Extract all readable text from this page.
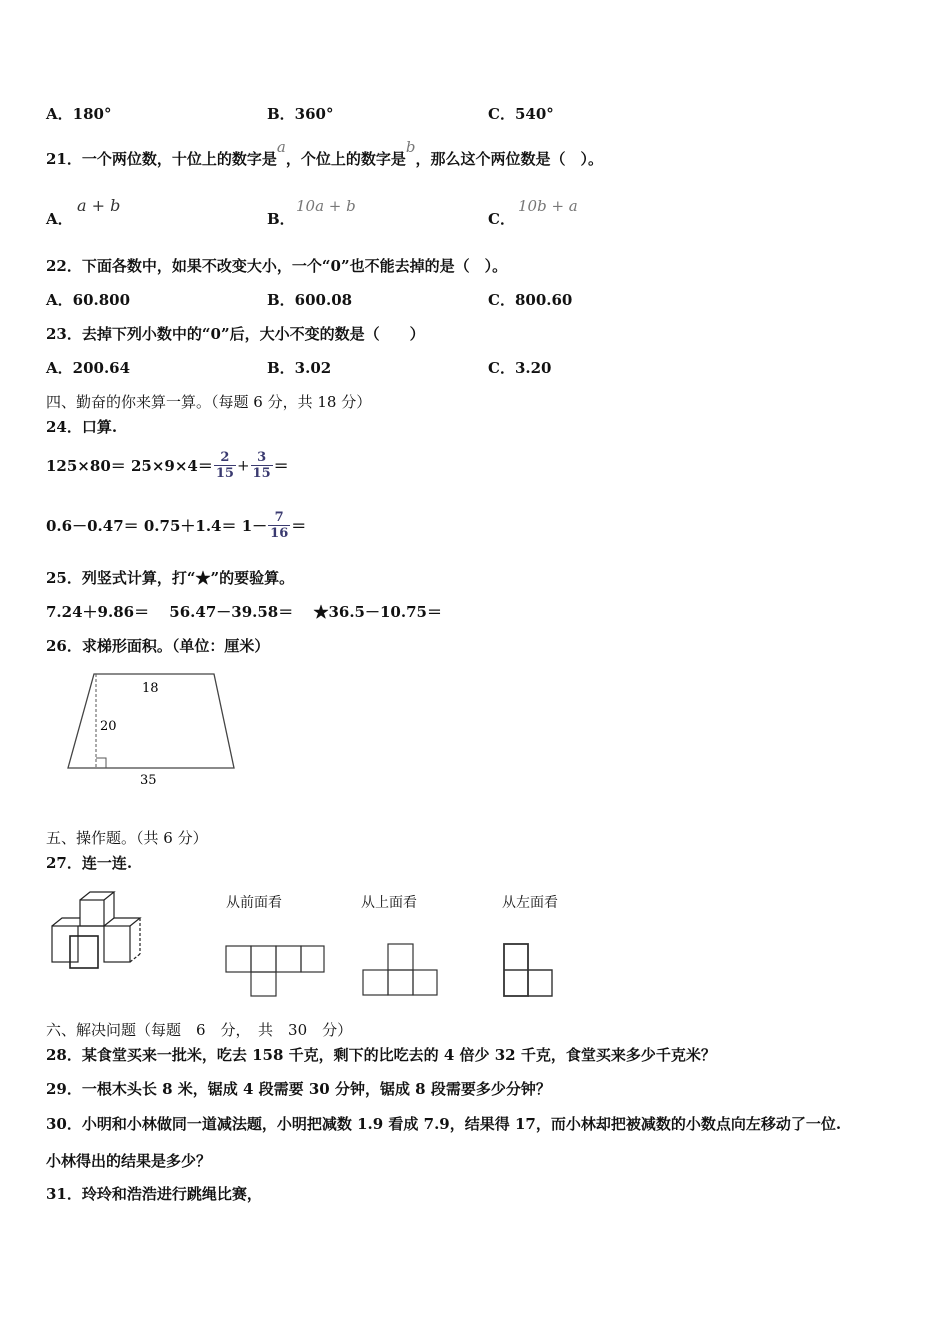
A．180°	B．360°	C．540°
21．一个两位数，十位上的数字是a，个位上的数字是b，那么这个两位数是（　）。
A．
a + b
B．
10a + b
C．
10b + a
22．下面各数中，如果不改变大小，一个“0”也不能去掉的是（　）。
A．60.800	B．600.08	C．800.60
23．去掉下列小数中的“0”后，大小不变的数是（　　）
A．200.64	B．3.02	C．3.20
四、勤奋的你来算一算。（每题 6 分，共 18 分）
24．口算.
$125\times 80= 25\times 9\times 4= \frac{2}{15} + \frac{3}{15}$ ＝
$0.6-0.47= 0.75+1.4= 1- \frac{7}{16}$ ＝
25．列竖式计算，打“★”的要验算。
7.24＋9.86＝　 56.47－39.58＝　 ★36.5－10.75＝
26．求梯形面积。（单位：厘米）
18
20
35
五、操作题。（共 6 分）
27．连一连.
从前面看	从上面看	从左面看
六、解决问题（每题　6　分，　共　30　分）
28．某食堂买来一批米，吃去 158 千克，剩下的比吃去的 4 倍少 32 千克，食堂买来多少千克米？
29．一根木头长 8 米，锯成 4 段需要 30 分钟，锯成 8 段需要多少分钟？
30．小明和小林做同一道减法题，小明把减数 1.9 看成 7.9，结果得 17，而小林却把被减数的小数点向左移动了一位.
小林得出的结果是多少？
31．玲玲和浩浩进行跳绳比赛，
